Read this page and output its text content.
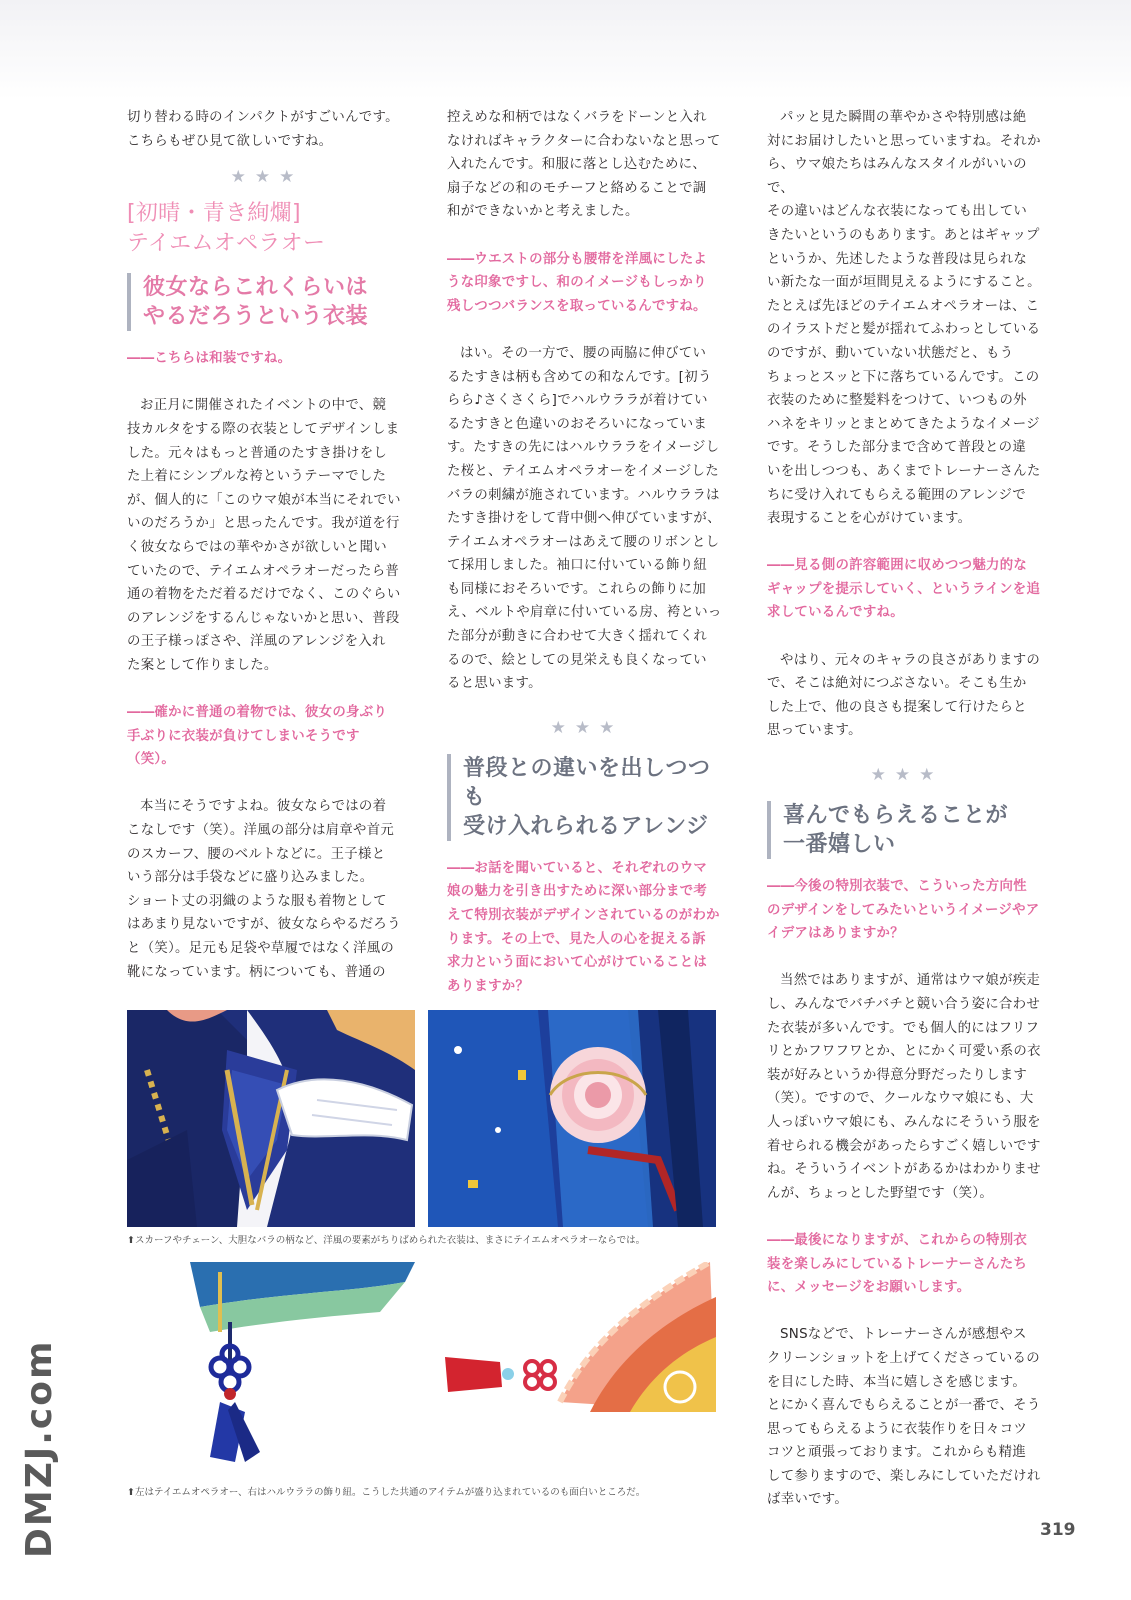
切り替わる時のインパクトがすごいんです。

こちらもぜひ見て欲しいですね。

★★★
[初晴・青き絢爛]
テイエムオペラオー
彼女ならこれくらいは
やるだろうという衣装

――こちらは和装ですね。

お正月に開催されたイベントの中で、競

技カルタをする際の衣装としてデザインしま

した。元々はもっと普通のたすき掛けをし

た上着にシンプルな袴というテーマでした

が、個人的に「このウマ娘が本当にそれでい

いのだろうか」と思ったんです。我が道を行

く彼女ならではの華やかさが欲しいと聞い

ていたので、テイエムオペラオーだったら普

通の着物をただ着るだけでなく、このぐらい

のアレンジをするんじゃないかと思い、普段

の王子様っぽさや、洋風のアレンジを入れ

た案として作りました。

――確かに普通の着物では、彼女の身ぶり

手ぶりに衣装が負けてしまいそうです（笑）。

本当にそうですよね。彼女ならではの着

こなしです（笑）。洋風の部分は肩章や首元

のスカーフ、腰のベルトなどに。王子様と

いう部分は手袋などに盛り込みました。

ショート丈の羽織のような服も着物として

はあまり見ないですが、彼女ならやるだろう

と（笑）。足元も足袋や草履ではなく洋風の

靴になっています。柄についても、普通の

控えめな和柄ではなくバラをドーンと入れ

なければキャラクターに合わないなと思って

入れたんです。和服に落とし込むために、

扇子などの和のモチーフと絡めることで調

和ができないかと考えました。

――ウエストの部分も腰帯を洋風にしたよ

うな印象ですし、和のイメージもしっかり

残しつつバランスを取っているんですね。

はい。その一方で、腰の両脇に伸びてい

るたすきは柄も含めての和なんです。[初う

らら♪さくさくら]でハルウララが着けてい

るたすきと色違いのおそろいになっていま

す。たすきの先にはハルウララをイメージし

た桜と、テイエムオペラオーをイメージした

バラの刺繍が施されています。ハルウララは

たすき掛けをして背中側へ伸びていますが、

テイエムオペラオーはあえて腰のリボンとし

て採用しました。袖口に付いている飾り紐

も同様におそろいです。これらの飾りに加

え、ベルトや肩章に付いている房、袴といっ

た部分が動きに合わせて大きく揺れてくれ

るので、絵としての見栄えも良くなってい

ると思います。

★★★
普段との違いを出しつつも
受け入れられるアレンジ

――お話を聞いていると、それぞれのウマ

娘の魅力を引き出すために深い部分まで考

えて特別衣装がデザインされているのがわか

ります。その上で、見た人の心を捉える訴

求力という面において心がけていることは

ありますか？

パッと見た瞬間の華やかさや特別感は絶

対にお届けしたいと思っていますね。それか

ら、ウマ娘たちはみんなスタイルがいいので、

その違いはどんな衣装になっても出してい

きたいというのもあります。あとはギャップ

というか、先述したような普段は見られな

い新たな一面が垣間見えるようにすること。

たとえば先ほどのテイエムオペラオーは、こ

のイラストだと髪が揺れてふわっとしている

のですが、動いていない状態だと、もう

ちょっとスッと下に落ちているんです。この

衣装のために整髪料をつけて、いつもの外

ハネをキリッとまとめてきたようなイメージ

です。そうした部分まで含めて普段との違

いを出しつつも、あくまでトレーナーさんた

ちに受け入れてもらえる範囲のアレンジで

表現することを心がけています。

――見る側の許容範囲に収めつつ魅力的な

ギャップを提示していく、というラインを追

求しているんですね。

やはり、元々のキャラの良さがありますの

で、そこは絶対につぶさない。そこも生か

した上で、他の良さも提案して行けたらと

思っています。

★★★
喜んでもらえることが
一番嬉しい

――今後の特別衣装で、こういった方向性

のデザインをしてみたいというイメージやア

イデアはありますか？

当然ではありますが、通常はウマ娘が疾走

し、みんなでバチバチと競い合う姿に合わせ

た衣装が多いんです。でも個人的にはフリフ

リとかフワフワとか、とにかく可愛い系の衣

装が好みというか得意分野だったりします

（笑）。ですので、クールなウマ娘にも、大

人っぽいウマ娘にも、みんなにそういう服を

着せられる機会があったらすごく嬉しいです

ね。そういうイベントがあるかはわかりませ

んが、ちょっとした野望です（笑）。

――最後になりますが、これからの特別衣

装を楽しみにしているトレーナーさんたち

に、メッセージをお願いします。

SNSなどで、トレーナーさんが感想やス

クリーンショットを上げてくださっているの

を目にした時、本当に嬉しさを感じます。

とにかく喜んでもらえることが一番で、そう

思ってもらえるように衣装作りを日々コツ

コツと頑張っております。これからも精進

して参りますので、楽しみにしていただけれ

ば幸いです。

⬆スカーフやチェーン、大胆なバラの柄など、洋風の要素がちりばめられた衣装は、まさにテイエムオペラオーならでは。
⬆左はテイエムオペラオー、右はハルウララの飾り紐。こうした共通のアイテムが盛り込まれているのも面白いところだ。
319
DMZJ.com
